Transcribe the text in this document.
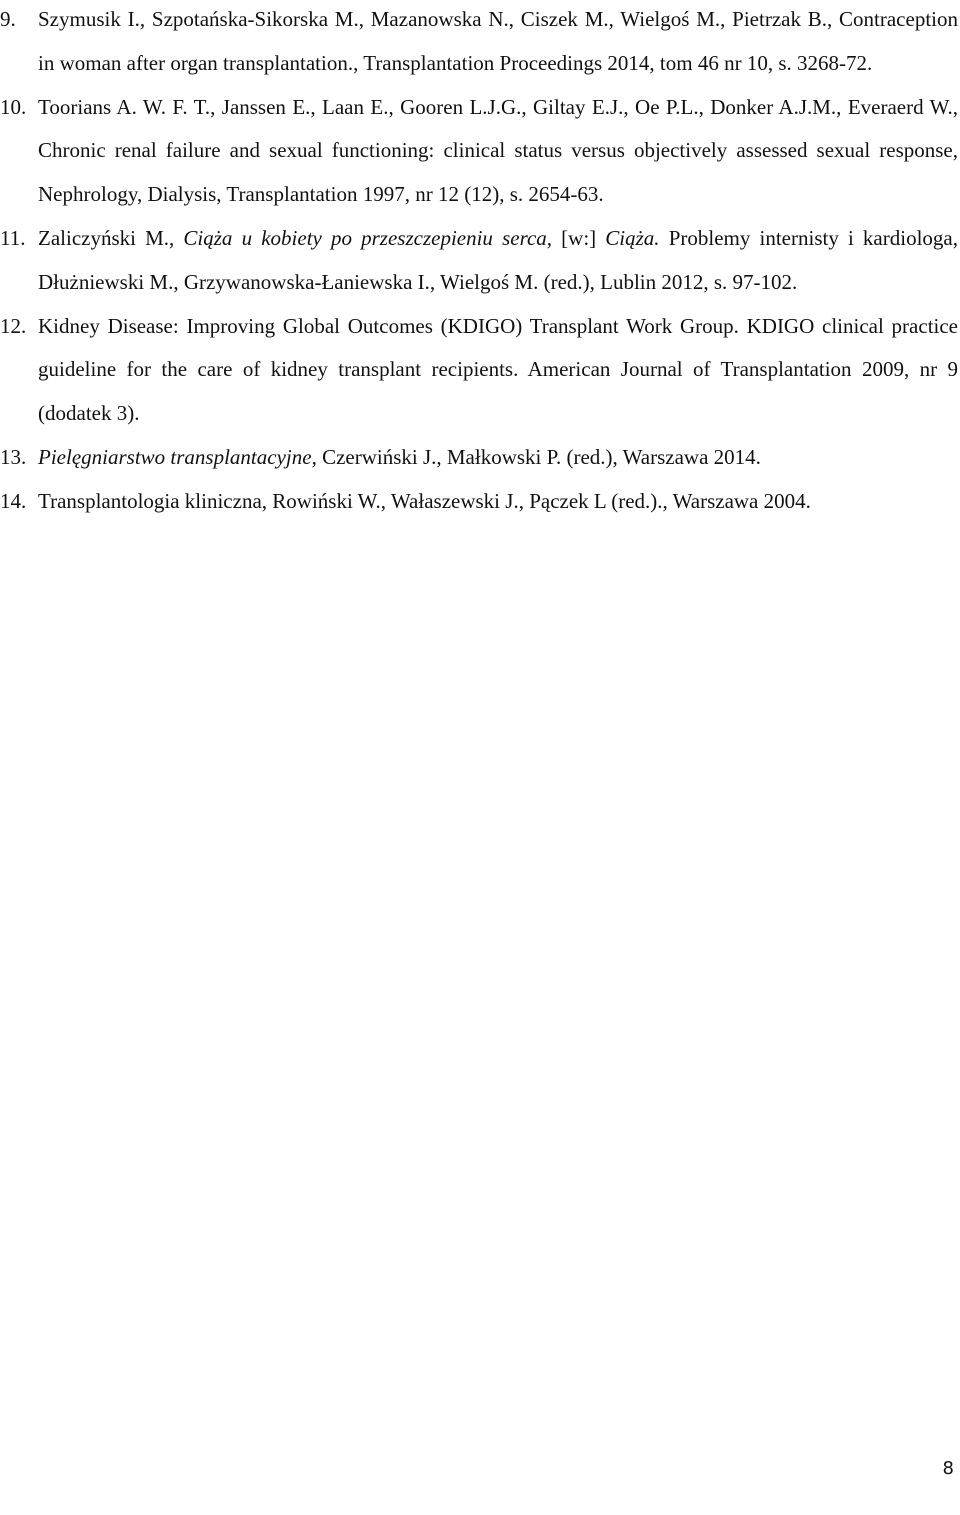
9. Szymusik I., Szpotańska-Sikorska M., Mazanowska N., Ciszek M., Wielgoś M., Pietrzak B., Contraception in woman after organ transplantation., Transplantation Proceedings 2014, tom 46 nr 10, s. 3268-72.
10. Toorians A. W. F. T., Janssen E., Laan E., Gooren L.J.G., Giltay E.J., Oe P.L., Donker A.J.M., Everaerd W., Chronic renal failure and sexual functioning: clinical status versus objectively assessed sexual response, Nephrology, Dialysis, Transplantation 1997, nr 12 (12), s. 2654-63.
11. Zaliczyński M., Ciąża u kobiety po przeszczepieniu serca, [w:] Ciąża. Problemy internisty i kardiologa, Dłużniewski M., Grzywanowska-Łaniewska I., Wielgoś M. (red.), Lublin 2012, s. 97-102.
12. Kidney Disease: Improving Global Outcomes (KDIGO) Transplant Work Group. KDIGO clinical practice guideline for the care of kidney transplant recipients. American Journal of Transplantation 2009, nr 9 (dodatek 3).
13. Pielęgniarstwo transplantacyjne, Czerwiński J., Małkowski P. (red.), Warszawa 2014.
14. Transplantologia kliniczna, Rowiński W., Wałaszewski J., Pączek L (red.)., Warszawa 2004.
8
